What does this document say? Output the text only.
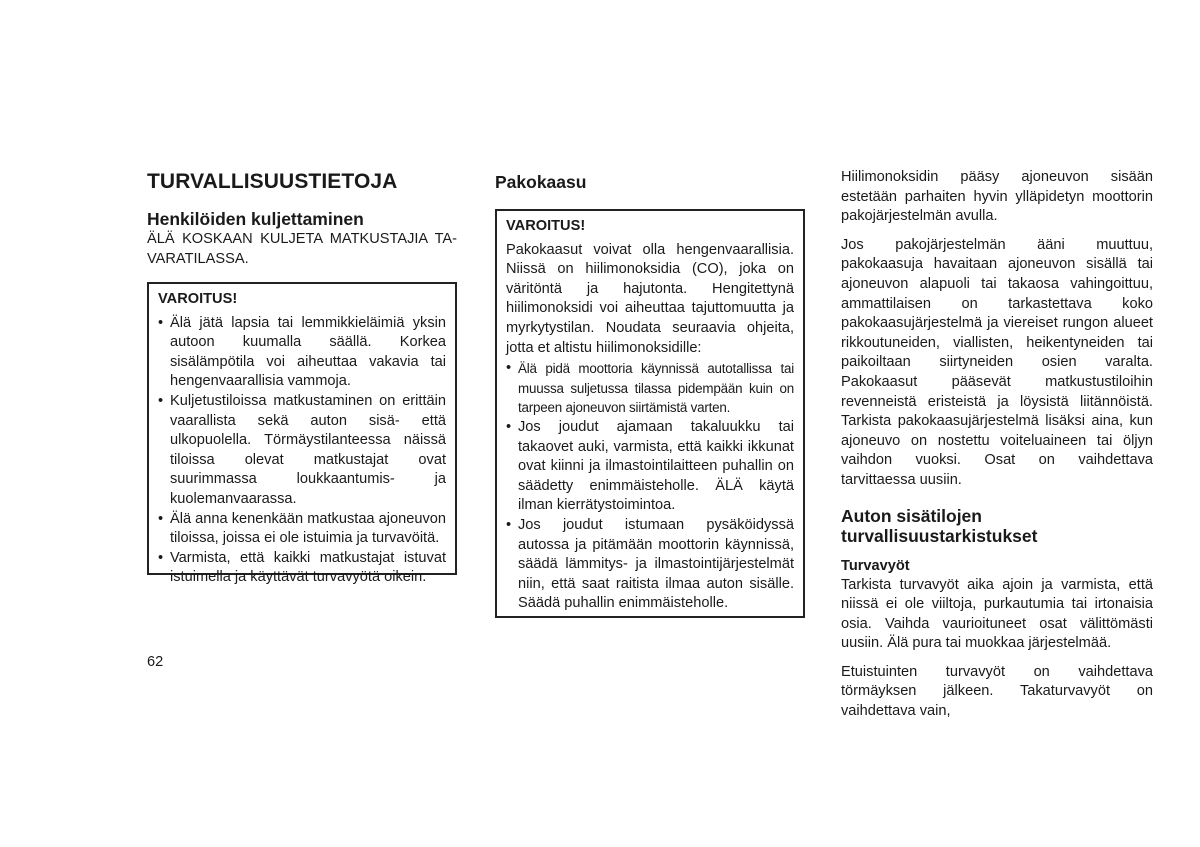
TURVALLISUUSTIETOJA
Henkilöiden kuljettaminen

ÄLÄ KOSKAAN KULJETA MATKUSTAJIA TA-VARATILASSA.

VAROITUS!

• Älä jätä lapsia tai lemmikkieläimiä yksin autoon kuumalla säällä. Korkea sisälämpötila voi aiheuttaa vakavia tai hengenvaarallisia vammoja.
• Kuljetustiloissa matkustaminen on erittäin vaarallista sekä auton sisä- että ulkopuolella. Törmäystilanteessa näissä tiloissa olevat matkustajat ovat suurimmassa loukkaantumis- ja kuolemanvaarassa.
• Älä anna kenenkään matkustaa ajoneuvon tiloissa, joissa ei ole istuimia ja turvavöitä.
• Varmista, että kaikki matkustajat istuvat istuimella ja käyttävät turvavyötä oikein.
Pakokaasu

VAROITUS!

Pakokaasut voivat olla hengenvaarallisia. Niissä on hiilimonoksidia (CO), joka on väritöntä ja hajutonta. Hengitettynä hiilimonoksidi voi aiheuttaa tajuttomuutta ja myrkytystilan. Noudata seuraavia ohjeita, jotta et altistu hiilimonoksidille:

• Älä pidä moottoria käynnissä autotallissa tai muussa suljetussa tilassa pidempään kuin on tarpeen ajoneuvon siirtämistä varten.
• Jos joudut ajamaan takaluukku tai takaovet auki, varmista, että kaikki ikkunat ovat kiinni ja ilmastointilaitteen puhallin on säädetty enimmäisteholle. ÄLÄ käytä ilman kierrätystoimintoa.
• Jos joudut istumaan pysäköidyssä autossa ja pitämään moottorin käynnissä, säädä lämmitys- ja ilmastointijärjestelmät niin, että saat raitista ilmaa auton sisälle. Säädä puhallin enimmäisteholle.

Hiilimonoksidin pääsy ajoneuvon sisään estetään parhaiten hyvin ylläpidetyn moottorin pakojärjestelmän avulla.

Jos pakojärjestelmän ääni muuttuu, pakokaasuja havaitaan ajoneuvon sisällä tai ajoneuvon alapuoli tai takaosa vahingoittuu, ammattilaisen on tarkastettava koko pakokaasujärjestelmä ja viereiset rungon alueet rikkoutuneiden, viallisten, heikentyneiden tai paikoiltaan siirtyneiden osien varalta. Pakokaasut pääsevät matkustustiloihin revenneistä eristeistä ja löysistä liitännöistä. Tarkista pakokaasujärjestelmä lisäksi aina, kun ajoneuvo on nostettu voiteluaineen tai öljyn vaihdon vuoksi. Osat on vaihdettava tarvittaessa uusiin.

Auton sisätilojen turvallisuustarkistukset
Turvavyöt

Tarkista turvavyöt aika ajoin ja varmista, että niissä ei ole viiltoja, purkautumia tai irtonaisia osia. Vaihda vaurioituneet osat välittömästi uusiin. Älä pura tai muokkaa järjestelmää.

Etuistuinten turvavyöt on vaihdettava törmäyksen jälkeen. Takaturvavyöt on vaihdettava vain,

62
